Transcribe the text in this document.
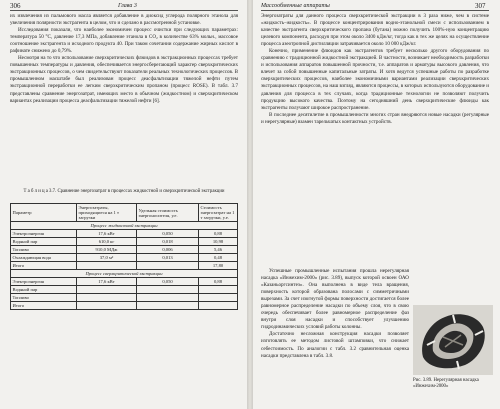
306	Глава 3

их извлечения из пальмового масла является добавление в диоксид углерода полярного этанола для увеличения полярности экстрагента в целом, что и сделано в рассмотренной установке.

Исследования показали, что наиболее экономичен процесс очистки при следующих параметрах: температура 50 °С, давление 17,3 МПа, добавление этанола в CO₂ в количестве 63% мольн., массовое соотношение экстрагента и исходного продукта 40. При таком сочетании содержание жирных кислот в рафинате снижено до 0,79%.

Несмотря на то что использование сверхкритических флюидов в экстракционных процессах требует повышенных температуры и давления, обеспечивается энергосберегающий характер сверхкритических экстракционных процессов, о чем свидетельствуют показатели реальных технологических процессов. В промышленном масштабе был реализован процесс деасфальтизации тяжелой нефти путем экстракционной переработки ее легким сверхкритическим пропаном (процесс ROSE). В табл. 3.7 представлены сравнение энергозатрат, имеющих место в обычном (жидкостном) и сверхкритическом вариантах реализации процесса деасфальтизации тяжелой нефти [6].

Т а б л и ц а 3.7. Сравнение энергозатрат в процессах жидкостной и сверхкритической экстракции
Параметр	Энергозатраты, приходящиеся на 1 т загрузки	Удельная стоимость энергоносителя, у.е.	Стоимость энергозатрат на 1 т загрузки, у.е.
Процесс жидкостной экстракции			
Электроэнергия	17,6 кВт	0,050	0,88
Водяной пар	610,0 кг	0,018	10,98
Топливо	910,0 МДж	0,006	5,46
Охлаждающая вода	37,0 м³	0,013	0,48
Итого			17,80
Процесс сверхкритической экстракции			
Электроэнергия	17,6 кВт	0,050	0,88
Водяной пар			
Топливо			
Итого			
Массообменные аппараты	307

Энергозатраты для данного процесса сверхкритической экстракции в 3 раза ниже, чем в системе «жидкость–жидкость». В процессе концентрирования водно-этанольной смеси с использованием в качестве экстрагента сверхкритического пропана (бутана) можно получить 100%-ную концентрацию целевого компонента, расходуя при этом около 3400 кДж/кг, тогда как в тех же целях на осуществление процесса азеотропной дистилляции затрачивается около 10 000 кДж/кг.

Конечно, применение флюидов как экстрагентов требует несколько другого оборудования по сравнению с традиционной жидкостной экстракцией. В частности, возникает необходимость разработки и использования аппаратов повышенной прочности, т.е. аппаратов и арматуры высокого давления, что влечет за собой повышенные капитальные затраты. И хотя ведутся успешные работы по разработке сверхкритических процессов, наиболее экономичными вариантами реализации сверхкритических экстракционных процессов, на наш взгляд, являются процессы, в которых используются оборудование и давления для процесса в тех случаях, когда традиционные технологии не позволяют получить продукцию высокого качества. Поэтому на сегодняшний день сверхкритические флюиды как экстрагенты получают широкое распространение.

В последнее десятилетие в промышленности многих стран внедряются новые насадки (регулярные и нерегулярные) взамен тарельчатых контактных устройств.

Успешные промышленные испытания прошла нерегулярная насадка «Инжехим-2000» (рис. 3.89), выпуск которой освоен ОАО «Казаньоргсинтез». Она выполнена в виде тела вращения, поверхность которой образована полосами с симметричными вырезами. За счет изогнутой формы поверхности достигается более равномерное распределение насадки по объему слоя, что в свою очередь обеспечивает более равномерное распределение фаз внутри слоя насадки и способствует улучшению гидродинамических условий работы колонны.

Достаточно несложная конструкция насадки позволяет изготовлять ее методом листовой штамповки, что снижает себестоимость. По аналогии с табл. 3.2 сравнительная оценка насадки представлена в табл. 3.8.

Рис. 3.89. Нерегулярная насадка «Инжехим-2000»
